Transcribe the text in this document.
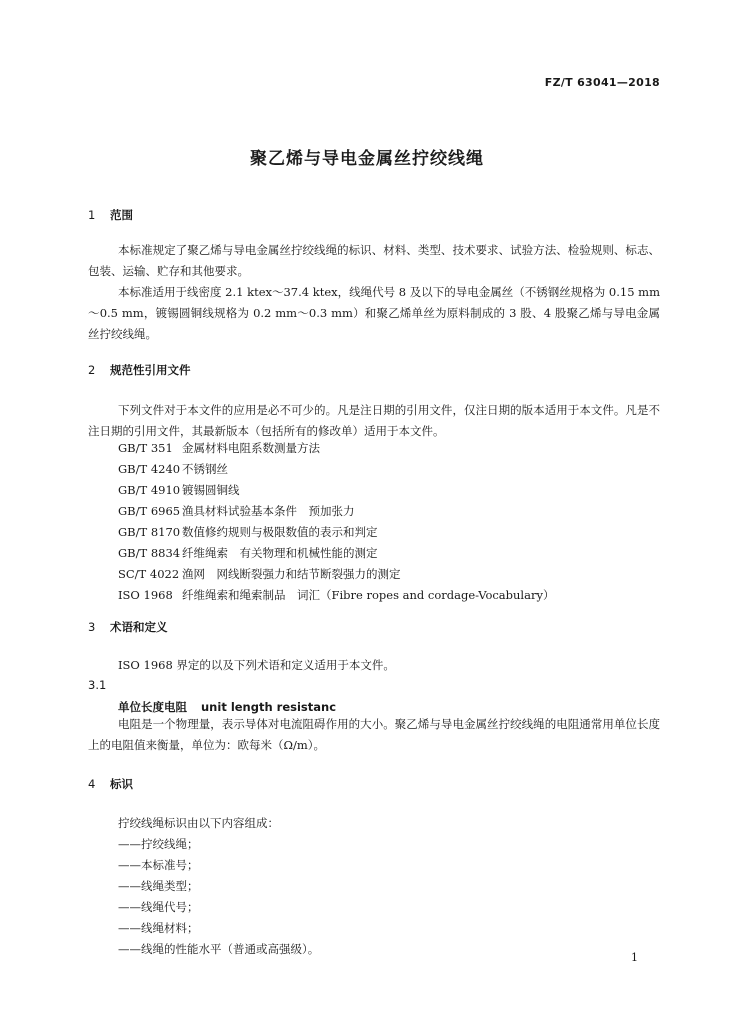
FZ/T 63041—2018
聚乙烯与导电金属丝拧绞线绳
1 范围
本标准规定了聚乙烯与导电金属丝拧绞线绳的标识、材料、类型、技术要求、试验方法、检验规则、标志、包装、运输、贮存和其他要求。
本标准适用于线密度 2.1 ktex～37.4 ktex，线绳代号 8 及以下的导电金属丝（不锈钢丝规格为 0.15 mm～0.5 mm，镀锡圆铜线规格为 0.2 mm～0.3 mm）和聚乙烯单丝为原料制成的 3 股、4 股聚乙烯与导电金属丝拧绞线绳。
2 规范性引用文件
下列文件对于本文件的应用是必不可少的。凡是注日期的引用文件，仅注日期的版本适用于本文件。凡是不注日期的引用文件，其最新版本（包括所有的修改单）适用于本文件。
GB/T 351 金属材料电阻系数测量方法
GB/T 4240 不锈钢丝
GB/T 4910 镀锡圆铜线
GB/T 6965 渔具材料试验基本条件　预加张力
GB/T 8170 数值修约规则与极限数值的表示和判定
GB/T 8834 纤维绳索　有关物理和机械性能的测定
SC/T 4022 渔网　网线断裂强力和结节断裂强力的测定
ISO 1968 纤维绳索和绳索制品　词汇（Fibre ropes and cordage-Vocabulary）
3 术语和定义
ISO 1968 界定的以及下列术语和定义适用于本文件。
3.1
单位长度电阻 unit length resistanc
电阻是一个物理量，表示导体对电流阻碍作用的大小。聚乙烯与导电金属丝拧绞线绳的电阻通常用单位长度上的电阻值来衡量，单位为：欧每米（Ω/m）。
4 标识
拧绞线绳标识由以下内容组成：
——拧绞线绳；
——本标准号；
——线绳类型；
——线绳代号；
——线绳材料；
——线绳的性能水平（普通或高强级）。
1
